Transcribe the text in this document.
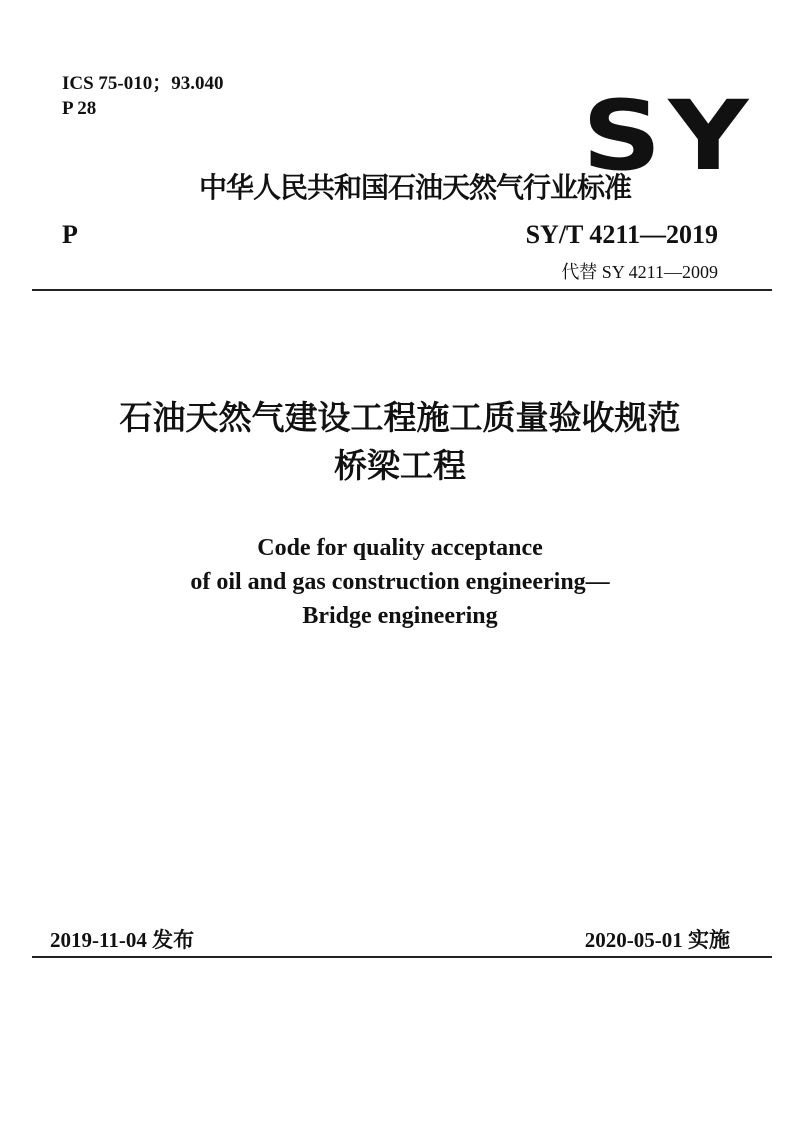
ICS 75-010；93.040
P 28	SY
中华人民共和国石油天然气行业标准
P	SY/T 4211—2019
代替 SY 4211—2009
石油天然气建设工程施工质量验收规范
桥梁工程
Code for quality acceptance
of oil and gas construction engineering—
Bridge engineering
2019-11-04 发布	2020-05-01 实施
